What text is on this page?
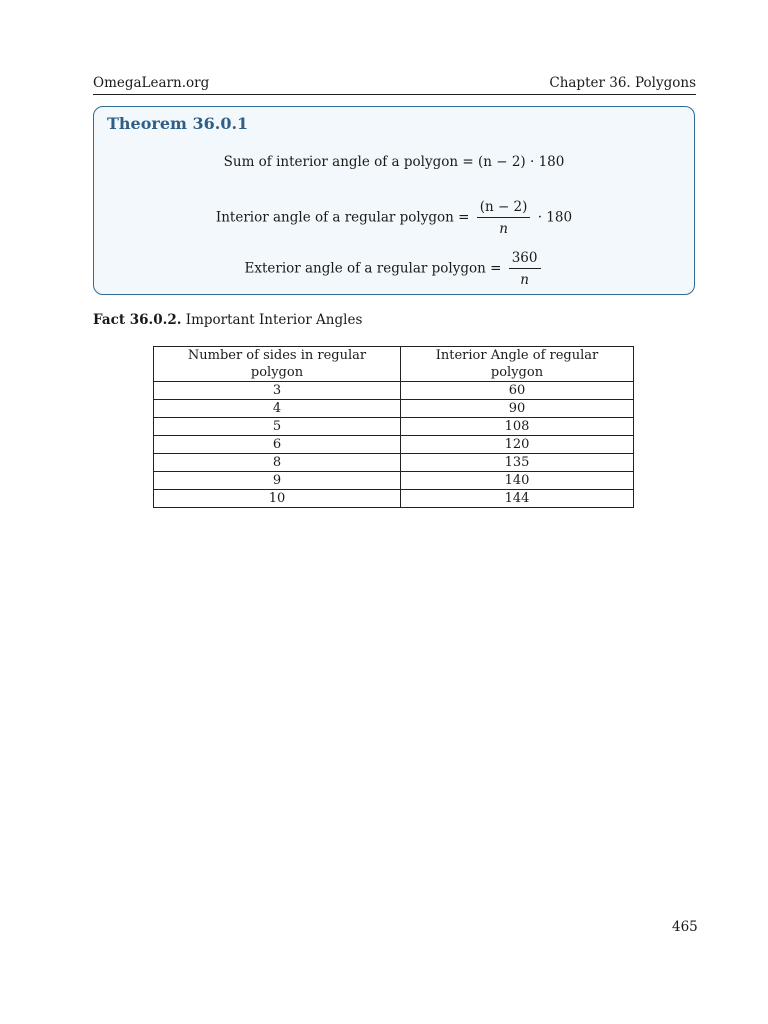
OmegaLearn.org	Chapter 36. Polygons
Theorem 36.0.1
Sum of interior angle of a polygon = (n − 2) · 180
Interior angle of a regular polygon = $\frac{(n - 2)}{n} \cdot 180$
Exterior angle of a regular polygon = $\frac{360}{n}$
Fact 36.0.2. Important Interior Angles
Number of sides in regular polygon	Interior Angle of regular polygon
3	60
4	90
5	108
6	120
8	135
9	140
10	144
465
